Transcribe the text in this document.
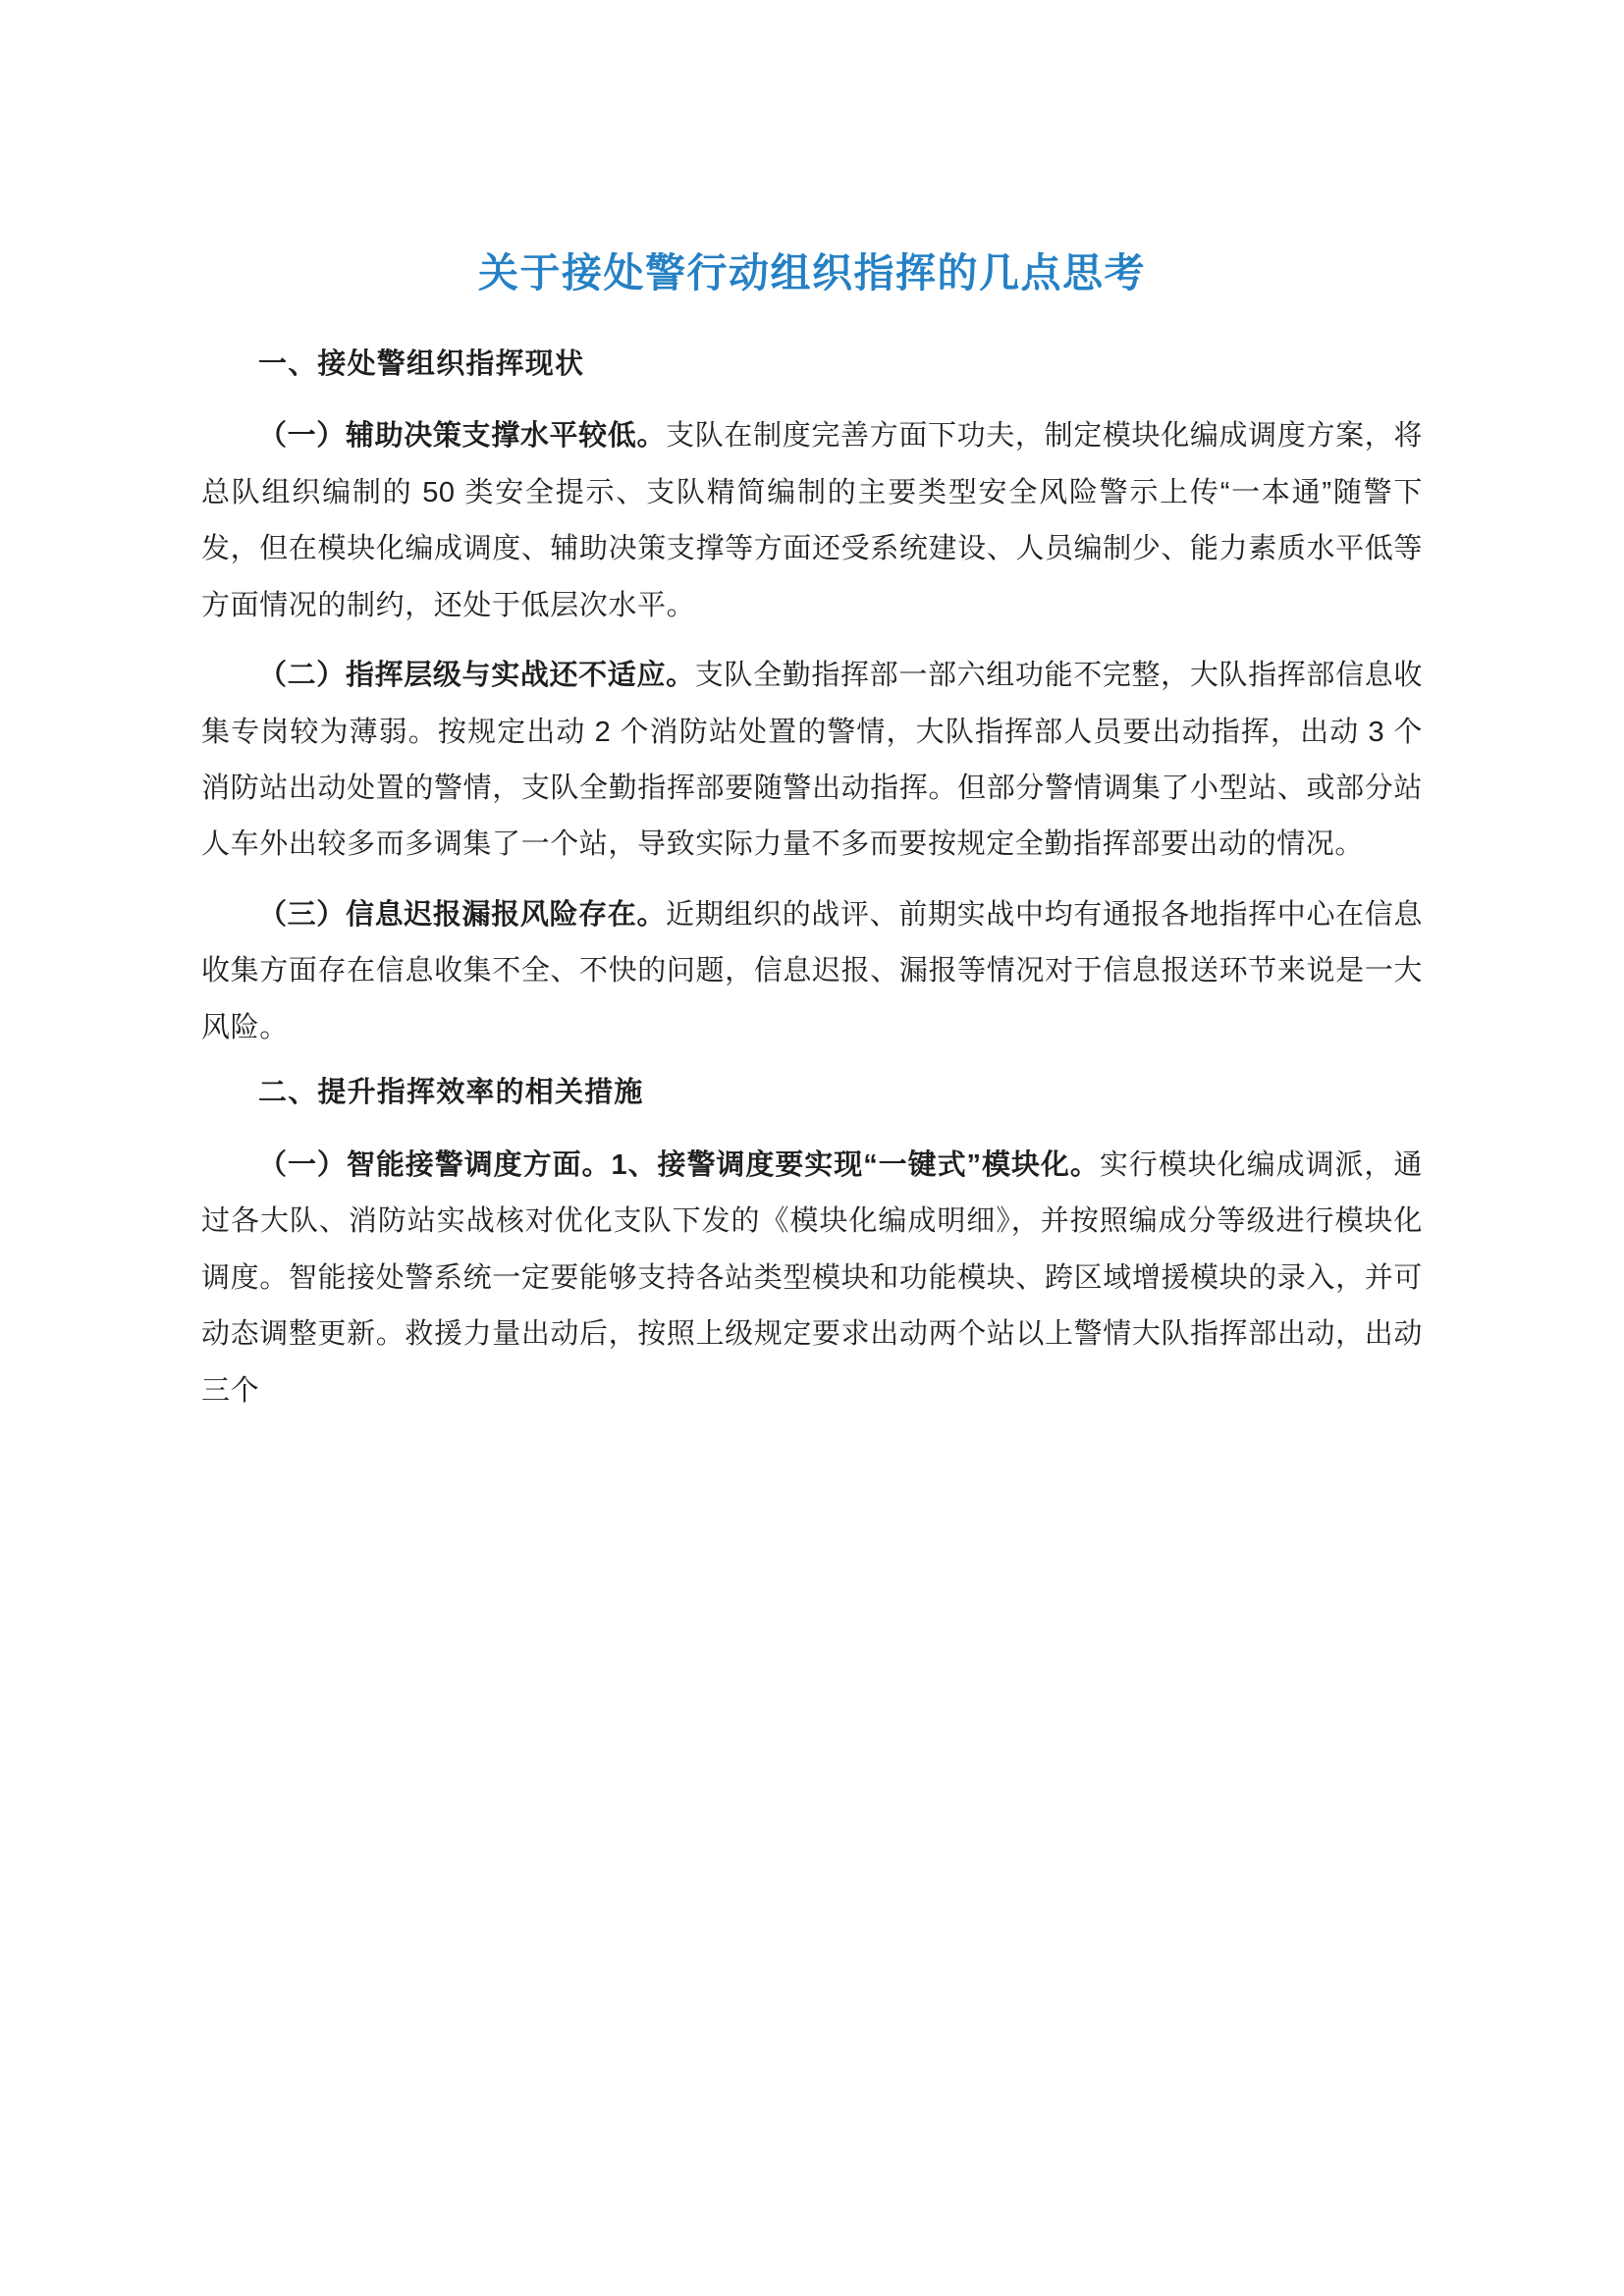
关于接处警行动组织指挥的几点思考
一、接处警组织指挥现状

（一）辅助决策支撑水平较低。支队在制度完善方面下功夫，制定模块化编成调度方案，将总队组织编制的 50 类安全提示、支队精简编制的主要类型安全风险警示上传“一本通”随警下发，但在模块化编成调度、辅助决策支撑等方面还受系统建设、人员编制少、能力素质水平低等方面情况的制约，还处于低层次水平。

（二）指挥层级与实战还不适应。支队全勤指挥部一部六组功能不完整，大队指挥部信息收集专岗较为薄弱。按规定出动 2 个消防站处置的警情，大队指挥部人员要出动指挥，出动 3 个消防站出动处置的警情，支队全勤指挥部要随警出动指挥。但部分警情调集了小型站、或部分站人车外出较多而多调集了一个站，导致实际力量不多而要按规定全勤指挥部要出动的情况。

（三）信息迟报漏报风险存在。近期组织的战评、前期实战中均有通报各地指挥中心在信息收集方面存在信息收集不全、不快的问题，信息迟报、漏报等情况对于信息报送环节来说是一大风险。

二、提升指挥效率的相关措施

（一）智能接警调度方面。1、接警调度要实现“一键式”模块化。实行模块化编成调派，通过各大队、消防站实战核对优化支队下发的《模块化编成明细》，并按照编成分等级进行模块化调度。智能接处警系统一定要能够支持各站类型模块和功能模块、跨区域增援模块的录入，并可动态调整更新。救援力量出动后，按照上级规定要求出动两个站以上警情大队指挥部出动，出动三个
